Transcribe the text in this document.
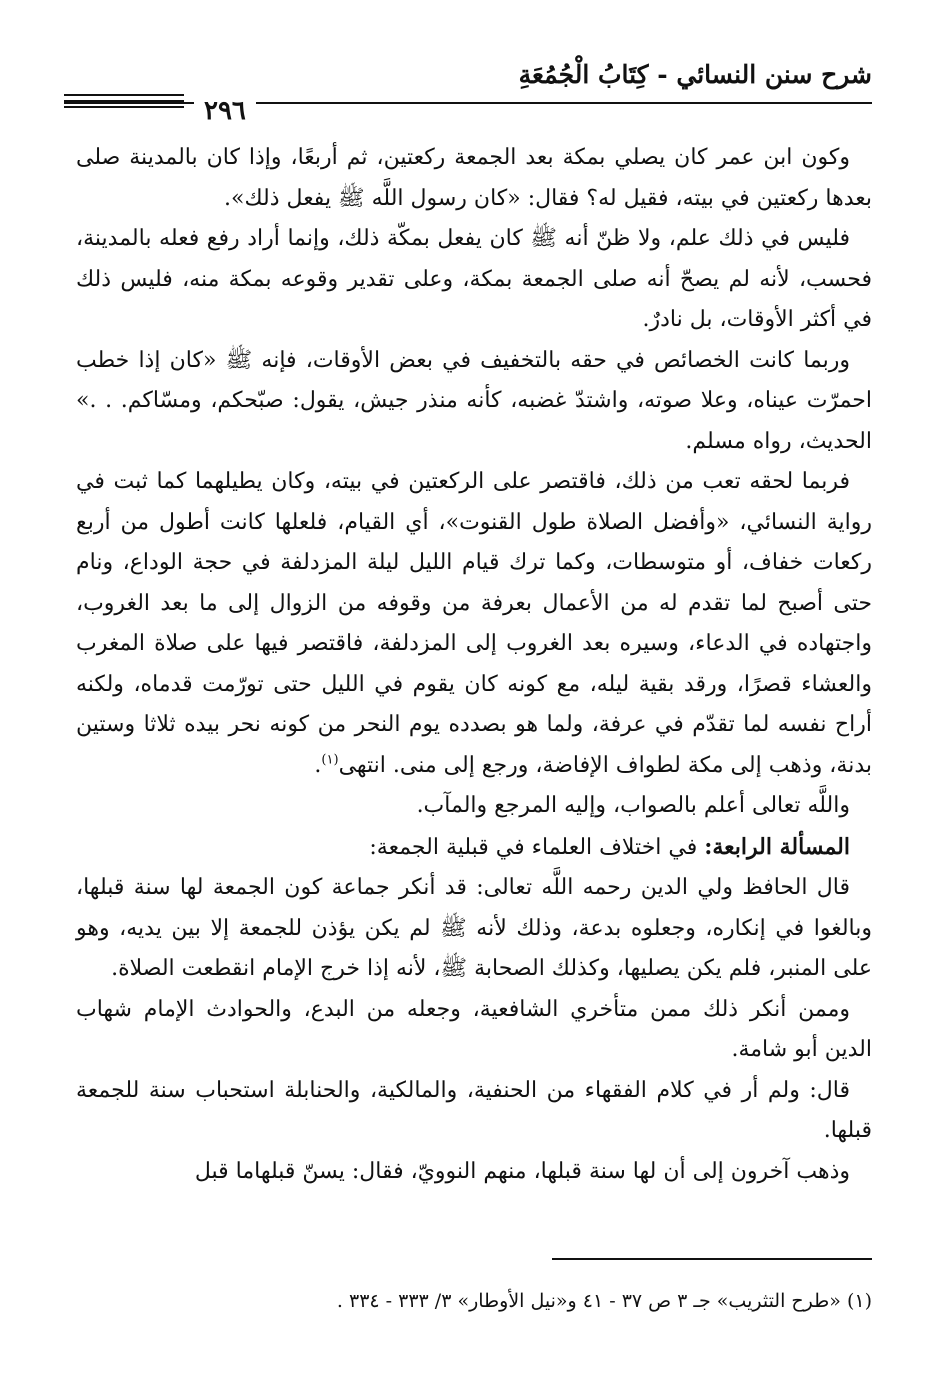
شرح سنن النسائي - كِتَابُ الْجُمُعَةِ
٢٩٦

وكون ابن عمر كان يصلي بمكة بعد الجمعة ركعتين، ثم أربعًا، وإذا كان بالمدينة صلى بعدها ركعتين في بيته، فقيل له؟ فقال: «كان رسول اللَّه ﷺ يفعل ذلك».

فليس في ذلك علم، ولا ظنّ أنه ﷺ كان يفعل بمكّة ذلك، وإنما أراد رفع فعله بالمدينة، فحسب، لأنه لم يصحّ أنه صلى الجمعة بمكة، وعلى تقدير وقوعه بمكة منه، فليس ذلك في أكثر الأوقات، بل نادرٌ.

وربما كانت الخصائص في حقه بالتخفيف في بعض الأوقات، فإنه ﷺ «كان إذا خطب احمرّت عيناه، وعلا صوته، واشتدّ غضبه، كأنه منذر جيش، يقول: صبّحكم، ومسّاكم. . .» الحديث، رواه مسلم.

فربما لحقه تعب من ذلك، فاقتصر على الركعتين في بيته، وكان يطيلهما كما ثبت في رواية النسائي، «وأفضل الصلاة طول القنوت»، أي القيام، فلعلها كانت أطول من أربع ركعات خفاف، أو متوسطات، وكما ترك قيام الليل ليلة المزدلفة في حجة الوداع، ونام حتى أصبح لما تقدم له من الأعمال بعرفة من وقوفه من الزوال إلى ما بعد الغروب، واجتهاده في الدعاء، وسيره بعد الغروب إلى المزدلفة، فاقتصر فيها على صلاة المغرب والعشاء قصرًا، ورقد بقية ليله، مع كونه كان يقوم في الليل حتى تورّمت قدماه، ولكنه أراح نفسه لما تقدّم في عرفة، ولما هو بصدده يوم النحر من كونه نحر بيده ثلاثا وستين بدنة، وذهب إلى مكة لطواف الإفاضة، ورجع إلى منى. انتهى$^{(١)}$.

واللَّه تعالى أعلم بالصواب، وإليه المرجع والمآب.

المسألة الرابعة: في اختلاف العلماء في قبلية الجمعة:

قال الحافظ ولي الدين رحمه اللَّه تعالى: قد أنكر جماعة كون الجمعة لها سنة قبلها، وبالغوا في إنكاره، وجعلوه بدعة، وذلك لأنه ﷺ لم يكن يؤذن للجمعة إلا بين يديه، وهو على المنبر، فلم يكن يصليها، وكذلك الصحابة ﷺ، لأنه إذا خرج الإمام انقطعت الصلاة.

وممن أنكر ذلك ممن متأخري الشافعية، وجعله من البدع، والحوادث الإمام شهاب الدين أبو شامة.

قال: ولم أر في كلام الفقهاء من الحنفية، والمالكية، والحنابلة استحباب سنة للجمعة قبلها.

وذهب آخرون إلى أن لها سنة قبلها، منهم النوويّ، فقال: يسنّ قبلهاما قبل

(١) «طرح التثريب» جـ ٣ ص ٣٧ - ٤١ و«نيل الأوطار» ٣/ ٣٣٣ - ٣٣٤ .
